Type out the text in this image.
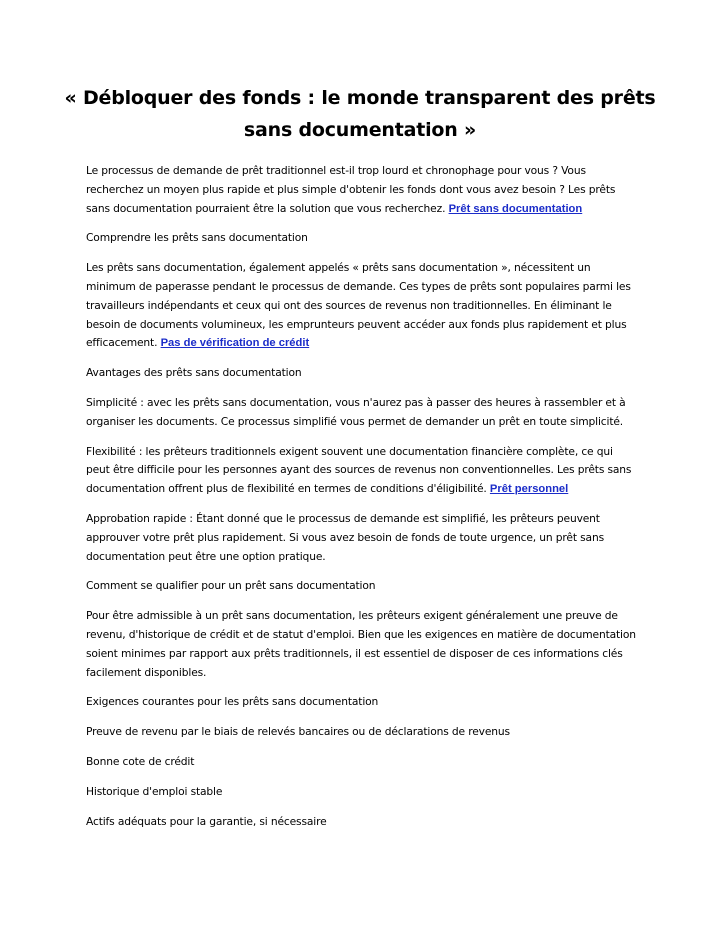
« Débloquer des fonds : le monde transparent des prêts sans documentation »

Le processus de demande de prêt traditionnel est-il trop lourd et chronophage pour vous ? Vous recherchez un moyen plus rapide et plus simple d'obtenir les fonds dont vous avez besoin ? Les prêts sans documentation pourraient être la solution que vous recherchez. Prêt sans documentation

Comprendre les prêts sans documentation

Les prêts sans documentation, également appelés « prêts sans documentation », nécessitent un minimum de paperasse pendant le processus de demande. Ces types de prêts sont populaires parmi les travailleurs indépendants et ceux qui ont des sources de revenus non traditionnelles. En éliminant le besoin de documents volumineux, les emprunteurs peuvent accéder aux fonds plus rapidement et plus efficacement. Pas de vérification de crédit

Avantages des prêts sans documentation

Simplicité : avec les prêts sans documentation, vous n'aurez pas à passer des heures à rassembler et à organiser les documents. Ce processus simplifié vous permet de demander un prêt en toute simplicité.

Flexibilité : les prêteurs traditionnels exigent souvent une documentation financière complète, ce qui peut être difficile pour les personnes ayant des sources de revenus non conventionnelles. Les prêts sans documentation offrent plus de flexibilité en termes de conditions d'éligibilité. Prêt personnel

Approbation rapide : Étant donné que le processus de demande est simplifié, les prêteurs peuvent approuver votre prêt plus rapidement. Si vous avez besoin de fonds de toute urgence, un prêt sans documentation peut être une option pratique.

Comment se qualifier pour un prêt sans documentation

Pour être admissible à un prêt sans documentation, les prêteurs exigent généralement une preuve de revenu, d'historique de crédit et de statut d'emploi. Bien que les exigences en matière de documentation soient minimes par rapport aux prêts traditionnels, il est essentiel de disposer de ces informations clés facilement disponibles.

Exigences courantes pour les prêts sans documentation

Preuve de revenu par le biais de relevés bancaires ou de déclarations de revenus

Bonne cote de crédit

Historique d'emploi stable

Actifs adéquats pour la garantie, si nécessaire
